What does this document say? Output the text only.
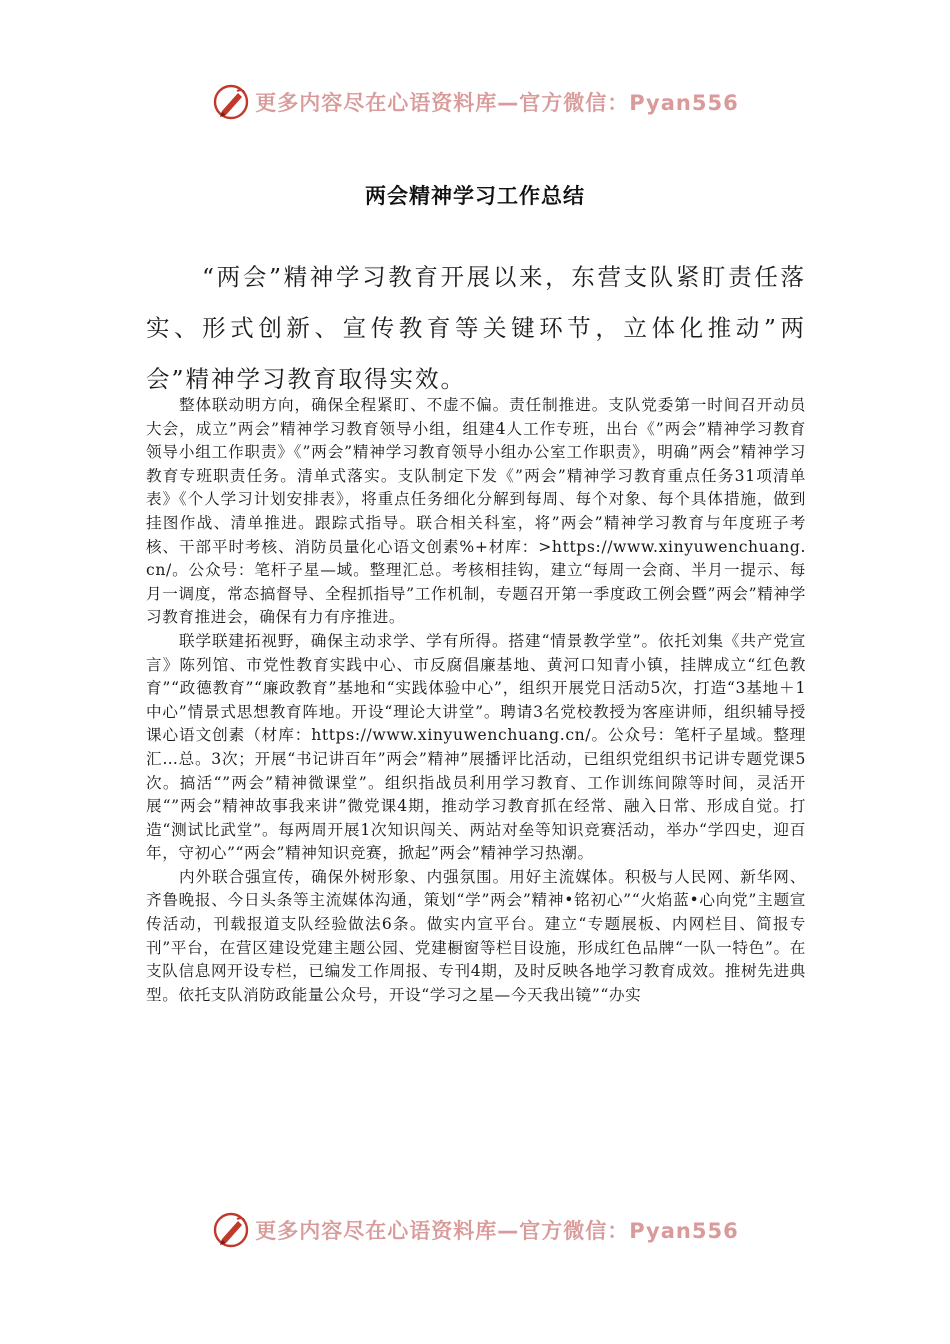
更多内容尽在心语资料库—官方微信：Pyan556
两会精神学习工作总结

“两会”精神学习教育开展以来，东营支队紧盯责任落实、形式创新、宣传教育等关键环节，立体化推动”两会”精神学习教育取得实效。

整体联动明方向，确保全程紧盯、不虚不偏。责任制推进。支队党委第一时间召开动员大会，成立”两会”精神学习教育领导小组，组建4人工作专班，出台《”两会”精神学习教育领导小组工作职责》《”两会”精神学习教育领导小组办公室工作职责》，明确”两会”精神学习教育专班职责任务。清单式落实。支队制定下发《”两会”精神学习教育重点任务31项清单表》《个人学习计划安排表》，将重点任务细化分解到每周、每个对象、每个具体措施，做到挂图作战、清单推进。跟踪式指导。联合相关科室，将”两会”精神学习教育与年度班子考核、干部平时考核、消防员量化心语文创素%+材库：>https://www.xinyuwenchuang.cn/。公众号：笔杆子星—域。整理汇总。考核相挂钩，建立“每周一会商、半月一提示、每月一调度，常态搞督导、全程抓指导”工作机制，专题召开第一季度政工例会暨”两会”精神学习教育推进会，确保有力有序推进。

联学联建拓视野，确保主动求学、学有所得。搭建“情景教学堂”。依托刘集《共产党宣言》陈列馆、市党性教育实践中心、市反腐倡廉基地、黄河口知青小镇，挂牌成立“红色教育”“政德教育”“廉政教育”基地和“实践体验中心”，组织开展党日活动5次，打造“3基地＋1中心”情景式思想教育阵地。开设“理论大讲堂”。聘请3名党校教授为客座讲师，组织辅导授课心语文创素（材库：https://www.xinyuwenchuang.cn/。公众号：笔杆子星域。整理汇…总。3次；开展“书记讲百年”两会”精神”展播评比活动，已组织党组织书记讲专题党课5次。搞活“”两会”精神微课堂”。组织指战员利用学习教育、工作训练间隙等时间，灵活开展“”两会”精神故事我来讲”微党课4期，推动学习教育抓在经常、融入日常、形成自觉。打造“测试比武堂”。每两周开展1次知识闯关、两站对垒等知识竞赛活动，举办“学四史，迎百年，守初心”“两会”精神知识竞赛，掀起”两会”精神学习热潮。

内外联合强宣传，确保外树形象、内强氛围。用好主流媒体。积极与人民网、新华网、齐鲁晚报、今日头条等主流媒体沟通，策划“学”两会”精神•铭初心”“火焰蓝•心向党”主题宣传活动，刊载报道支队经验做法6条。做实内宣平台。建立“专题展板、内网栏目、简报专刊”平台，在营区建设党建主题公园、党建橱窗等栏目设施，形成红色品牌“一队一特色”。在支队信息网开设专栏，已编发工作周报、专刊4期，及时反映各地学习教育成效。推树先进典型。依托支队消防政能量公众号，开设“学习之星—今天我出镜”“办实

更多内容尽在心语资料库—官方微信：Pyan556
